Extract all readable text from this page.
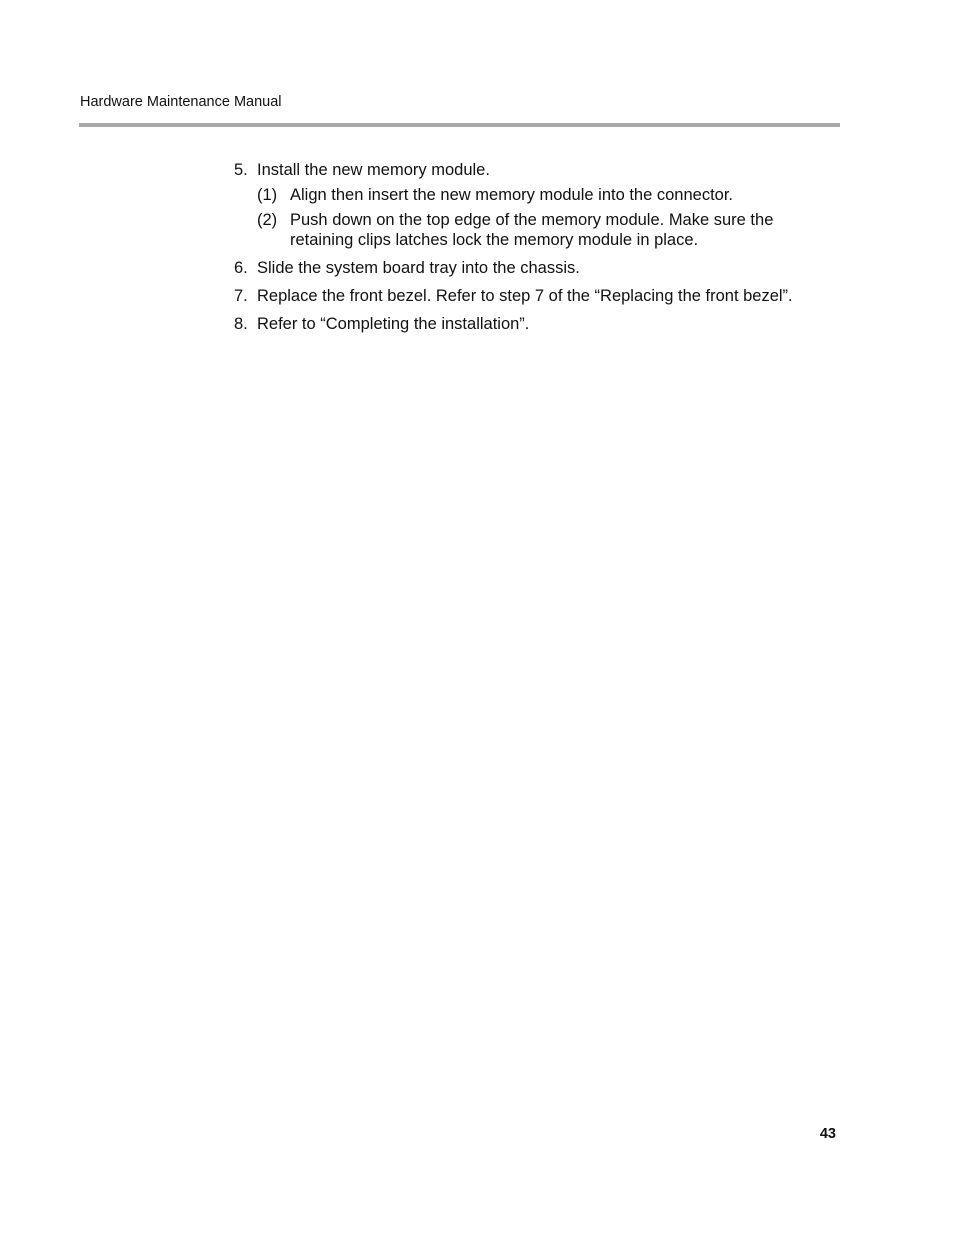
Hardware Maintenance Manual
5. Install the new memory module.
(1) Align then insert the new memory module into the connector.
(2) Push down on the top edge of the memory module. Make sure the retaining clips latches lock the memory module in place.
6. Slide the system board tray into the chassis.
7. Replace the front bezel. Refer to step 7 of the “Replacing the front bezel”.
8. Refer to “Completing the installation”.
43
